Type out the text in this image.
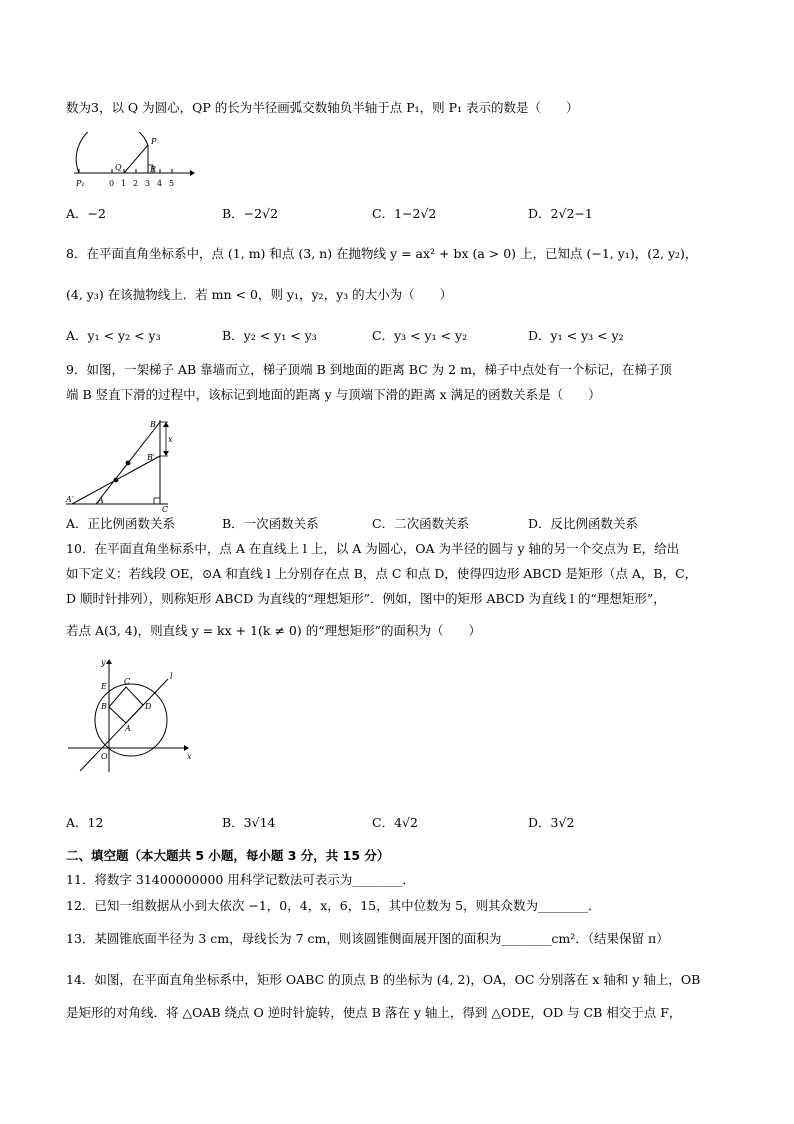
数为3，以 Q 为圆心，QP 的长为半径画弧交数轴负半轴于点 P₁，则 P₁ 表示的数是（　　）
P
Q	R
P₁	0 1 2 3 4 5
A．−2	B．−2√2	C．1−2√2	D．2√2−1
8．在平面直角坐标系中，点 (1, m) 和点 (3, n) 在抛物线 y = ax² + bx (a > 0) 上，已知点 (−1, y₁)，(2, y₂)，
(4, y₃) 在该抛物线上．若 mn < 0，则 y₁，y₂，y₃ 的大小为（　　）
A．y₁ < y₂ < y₃	B．y₂ < y₁ < y₃	C．y₃ < y₁ < y₂	D．y₁ < y₃ < y₂
9．如图，一架梯子 AB 靠墙而立，梯子顶端 B 到地面的距离 BC 为 2 m，梯子中点处有一个标记，在梯子顶
端 B 竖直下滑的过程中，该标记到地面的距离 y 与顶端下滑的距离 x 满足的函数关系是（　　）
B
x
B′
A
A′
C
A．正比例函数关系	B．一次函数关系	C．二次函数关系	D．反比例函数关系
10．在平面直角坐标系中，点 A 在直线上 l 上，以 A 为圆心，OA 为半径的圆与 y 轴的另一个交点为 E，给出
如下定义：若线段 OE，⊙A 和直线 l 上分别存在点 B，点 C 和点 D，使得四边形 ABCD 是矩形（点 A，B，C，
D 顺时针排列），则称矩形 ABCD 为直线的“理想矩形”．例如，图中的矩形 ABCD 为直线 l 的“理想矩形”，
若点 A(3, 4)，则直线 y = kx + 1(k ≠ 0) 的“理想矩形”的面积为（　　）
x
y
l
E
C
B	D
A
O
A．12	B．3√14	C．4√2	D．3√2
二、填空题（本大题共 5 小题，每小题 3 分，共 15 分）
11．将数字 31400000000 用科学记数法可表示为________．
12．已知一组数据从小到大依次 −1，0，4，x，6，15，其中位数为 5，则其众数为________．
13．某圆锥底面半径为 3 cm，母线长为 7 cm，则该圆锥侧面展开图的面积为________cm²．（结果保留 π）
14．如图，在平面直角坐标系中，矩形 OABC 的顶点 B 的坐标为 (4, 2)，OA，OC 分别落在 x 轴和 y 轴上，OB
是矩形的对角线．将 △OAB 绕点 O 逆时针旋转，使点 B 落在 y 轴上，得到 △ODE，OD 与 CB 相交于点 F，
